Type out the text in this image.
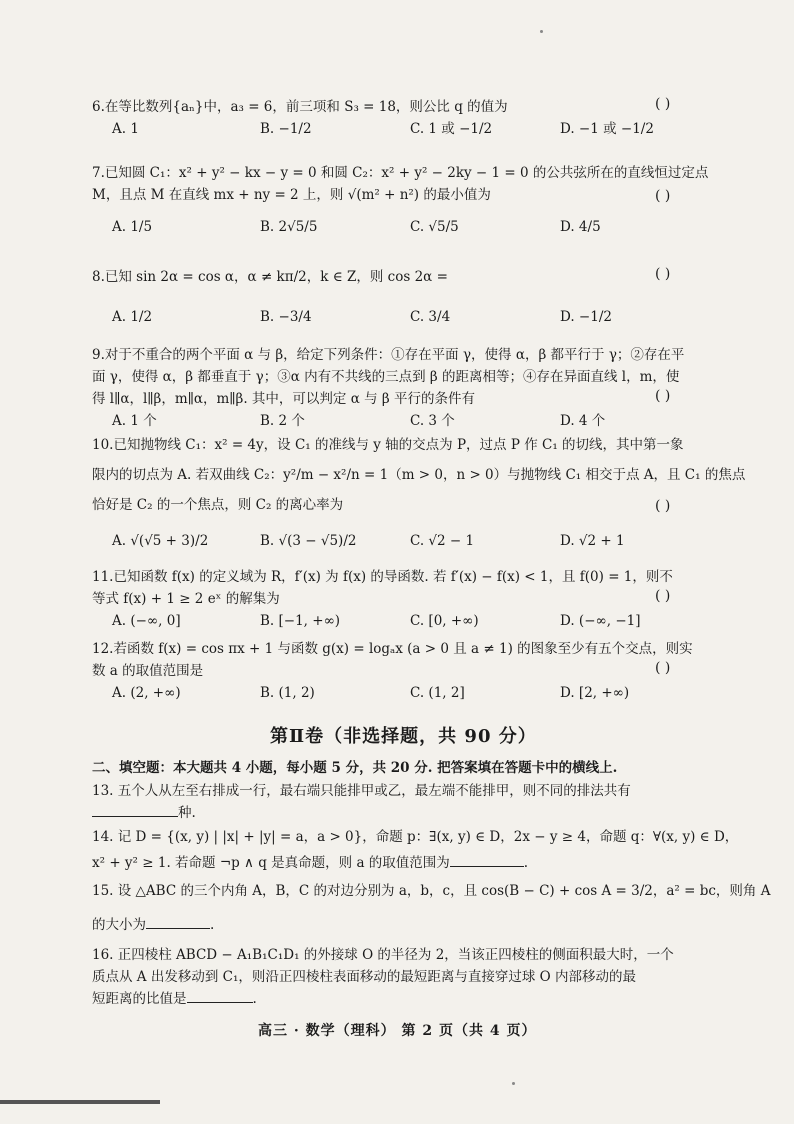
6.在等比数列{aₙ}中，a₃ = 6，前三项和 S₃ = 18，则公比 q 的值为
A. 1	B. −1/2	C. 1 或 −1/2	D. −1 或 −1/2
( )
7.已知圆 C₁：x² + y² − kx − y = 0 和圆 C₂：x² + y² − 2ky − 1 = 0 的公共弦所在的直线恒过定点
M，且点 M 在直线 mx + ny = 2 上，则 √(m² + n²) 的最小值为
A. 1/5	B. 2√5/5	C. √5/5	D. 4/5
( )
8.已知 sin 2α = cos α，α ≠ kπ/2，k ∈ Z，则 cos 2α =
A. 1/2	B. −3/4	C. 3/4	D. −1/2
( )
9.对于不重合的两个平面 α 与 β，给定下列条件：①存在平面 γ，使得 α，β 都平行于 γ；②存在平
面 γ，使得 α，β 都垂直于 γ；③α 内有不共线的三点到 β 的距离相等；④存在异面直线 l，m，使
得 l∥α，l∥β，m∥α，m∥β. 其中，可以判定 α 与 β 平行的条件有
A. 1 个	B. 2 个	C. 3 个	D. 4 个
( )
10.已知抛物线 C₁：x² = 4y，设 C₁ 的准线与 y 轴的交点为 P，过点 P 作 C₁ 的切线，其中第一象
限内的切点为 A. 若双曲线 C₂：y²/m − x²/n = 1（m > 0，n > 0）与抛物线 C₁ 相交于点 A，且 C₁ 的焦点
恰好是 C₂ 的一个焦点，则 C₂ 的离心率为
A. √(√5 + 3)/2	B. √(3 − √5)/2	C. √2 − 1	D. √2 + 1
( )
11.已知函数 f(x) 的定义域为 R，f′(x) 为 f(x) 的导函数. 若 f′(x) − f(x) < 1，且 f(0) = 1，则不
等式 f(x) + 1 ≥ 2 eˣ 的解集为
A. (−∞, 0]	B. [−1, +∞)	C. [0, +∞)	D. (−∞, −1]
( )
12.若函数 f(x) = cos πx + 1 与函数 g(x) = logₐx (a > 0 且 a ≠ 1) 的图象至少有五个交点，则实
数 a 的取值范围是
A. (2, +∞)	B. (1, 2)	C. (1, 2]	D. [2, +∞)
( )
第Ⅱ卷（非选择题，共 90 分）
二、填空题：本大题共 4 小题，每小题 5 分，共 20 分. 把答案填在答题卡中的横线上.
13. 五个人从左至右排成一行，最右端只能排甲或乙，最左端不能排甲，则不同的排法共有
种.
14. 记 D = {(x, y) | |x| + |y| = a，a > 0}，命题 p：∃(x, y) ∈ D，2x − y ≥ 4，命题 q：∀(x, y) ∈ D，
x² + y² ≥ 1. 若命题 ¬p ∧ q 是真命题，则 a 的取值范围为	.
15. 设 △ABC 的三个内角 A，B，C 的对边分别为 a，b，c，且 cos(B − C) + cos A = 3/2，a² = bc，则角 A
的大小为	.
16. 正四棱柱 ABCD − A₁B₁C₁D₁ 的外接球 O 的半径为 2，当该正四棱柱的侧面积最大时，一个
质点从 A 出发移动到 C₁，则沿正四棱柱表面移动的最短距离与直接穿过球 O 内部移动的最
短距离的比值是	.
高三 · 数学（理科） 第 2 页（共 4 页）
